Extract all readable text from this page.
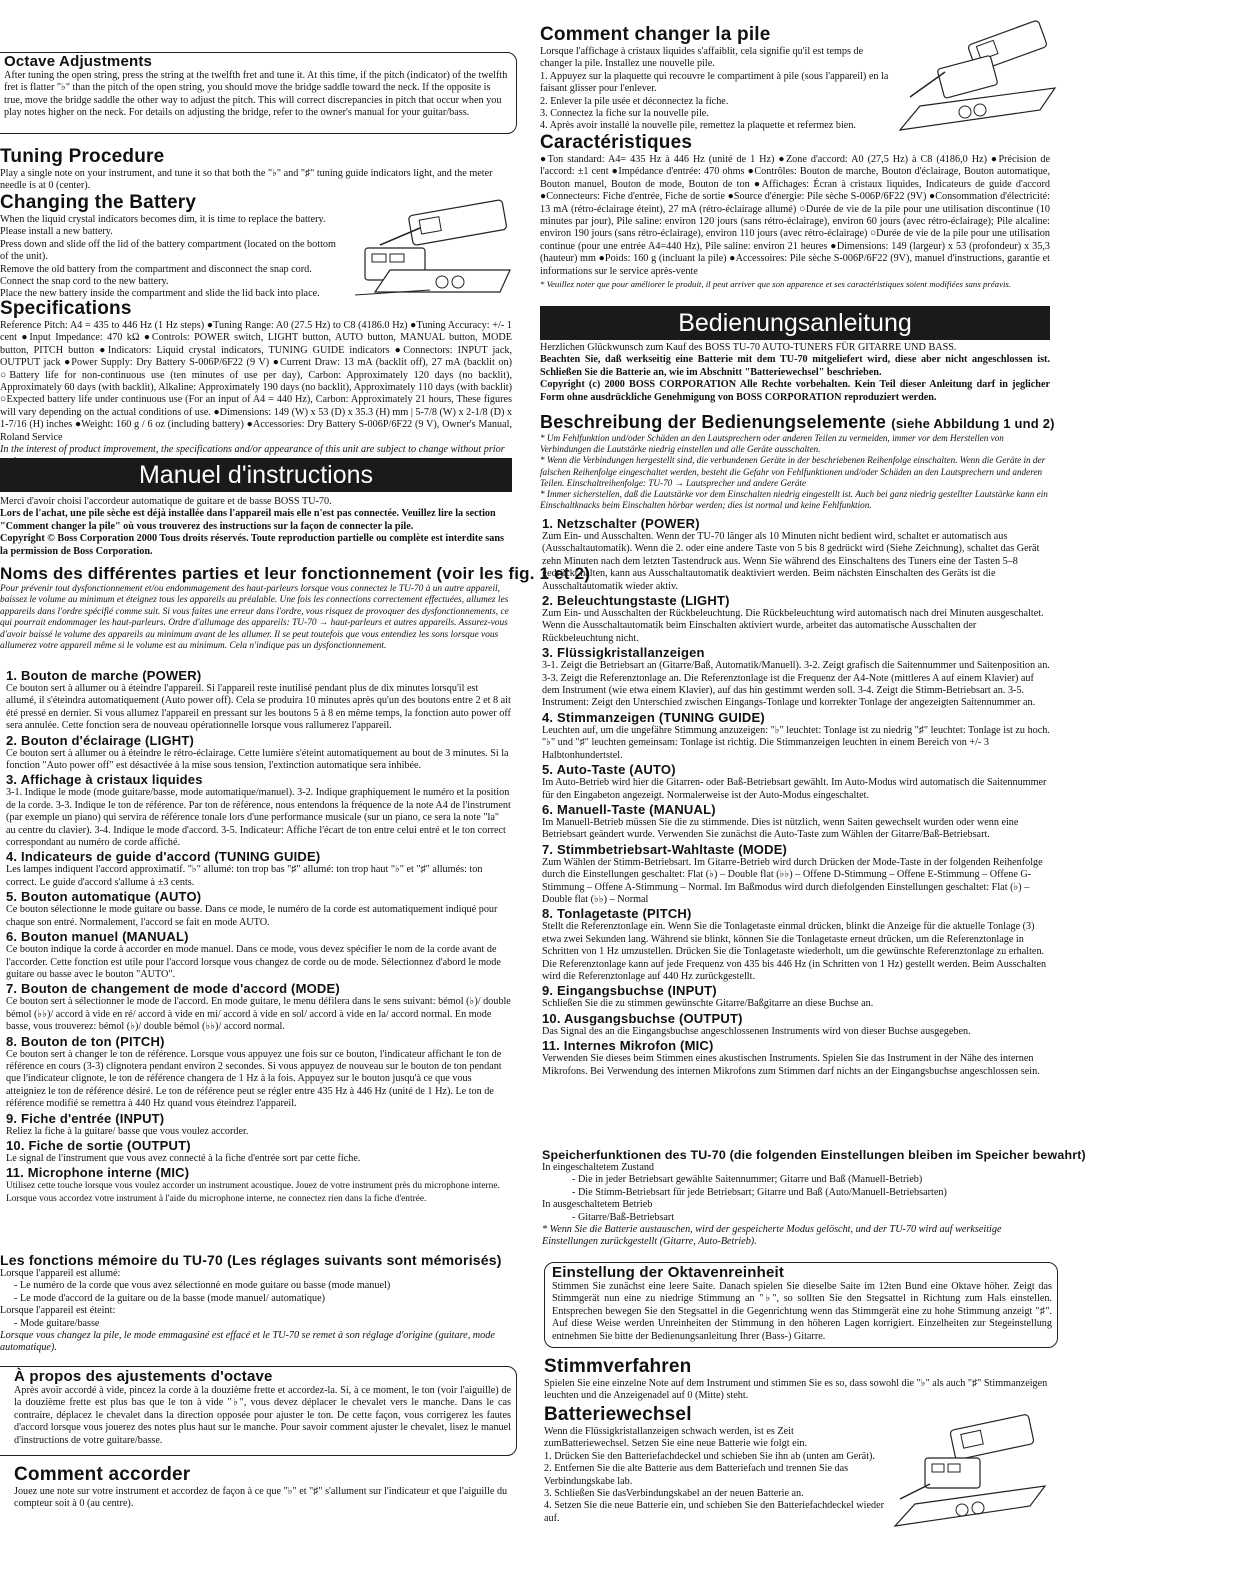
Octave Adjustments
After tuning the open string, press the string at the twelfth fret and tune it. At this time, if the pitch (indicator) of the twelfth fret is flatter "♭" than the pitch of the open string, you should move the bridge saddle toward the neck. If the opposite is true, move the bridge saddle the other way to adjust the pitch. This will correct discrepancies in pitch that occur when you play notes higher on the neck. For details on adjusting the bridge, refer to the owner's manual for your guitar/bass.
Tuning Procedure
Play a single note on your instrument, and tune it so that both the "♭" and "♯" tuning guide indicators light, and the meter needle is at 0 (center).
Changing the Battery
When the liquid crystal indicators becomes dim, it is time to replace the battery. Please install a new battery.
Press down and slide off the lid of the battery compartment (located on the bottom of the unit).
Remove the old battery from the compartment and disconnect the snap cord.
Connect the snap cord to the new battery.
Place the new battery inside the compartment and slide the lid back into place.
Specifications
Reference Pitch: A4 = 435 to 446 Hz (1 Hz steps) ●Tuning Range: A0 (27.5 Hz) to C8 (4186.0 Hz) ●Tuning Accuracy: +/- 1 cent ●Input Impedance: 470 kΩ ●Controls: POWER switch, LIGHT button, AUTO button, MANUAL button, MODE button, PITCH button ●Indicators: Liquid crystal indicators, TUNING GUIDE indicators ●Connectors: INPUT jack, OUTPUT jack ●Power Supply: Dry Battery S-006P/6F22 (9 V) ●Current Draw: 13 mA (backlit off), 27 mA (backlit on) ○Battery life for non-continuous use (ten minutes of use per day), Carbon: Approximately 120 days (no backlit), Approximately 60 days (with backlit), Alkaline: Approximately 190 days (no backlit), Approximately 110 days (with backlit) ○Expected battery life under continuous use (For an input of A4 = 440 Hz), Carbon: Approximately 21 hours, These figures will vary depending on the actual conditions of use. ●Dimensions: 149 (W) x 53 (D) x 35.3 (H) mm | 5-7/8 (W) x 2-1/8 (D) x 1-7/16 (H) inches ●Weight: 160 g / 6 oz (including battery) ●Accessories: Dry Battery S-006P/6F22 (9 V), Owner's Manual, Roland Service
In the interest of product improvement, the specifications and/or appearance of this unit are subject to change without prior
Manuel d'instructions
Merci d'avoir choisi l'accordeur automatique de guitare et de basse BOSS TU-70.
Lors de l'achat, une pile sèche est déjà installée dans l'appareil mais elle n'est pas connectée. Veuillez lire la section "Comment changer la pile" où vous trouverez des instructions sur la façon de connecter la pile.
Copyright © Boss Corporation 2000 Tous droits réservés. Toute reproduction partielle ou complète est interdite sans la permission de Boss Corporation.
Noms des différentes parties et leur fonctionnement (voir les fig. 1 et 2)
Pour prévenir tout dysfonctionnement et/ou endommagement des haut-parleurs lorsque vous connectez le TU-70 à un autre appareil, baissez le volume au minimum et éteignez tous les appareils au préalable. Une fois les connections correctement effectuées, allumez les appareils dans l'ordre spécifié comme suit. Si vous faites une erreur dans l'ordre, vous risquez de provoquer des dysfonctionnements, ce qui pourrait endommager les haut-parleurs. Ordre d'allumage des appareils: TU-70 → haut-parleurs et autres appareils. Assurez-vous d'avoir baissé le volume des appareils au minimum avant de les allumer. Il se peut toutefois que vous entendiez les sons lorsque vous allumerez votre appareil même si le volume est au minimum. Cela n'indique pas un dysfonctionnement.
1. Bouton de marche (POWER)
Ce bouton sert à allumer ou à éteindre l'appareil. Si l'appareil reste inutilisé pendant plus de dix minutes lorsqu'il est allumé, il s'éteindra automatiquement (Auto power off). Cela se produira 10 minutes après qu'un des boutons entre 2 et 8 ait été pressé en dernier. Si vous allumez l'appareil en pressant sur les boutons 5 à 8 en même temps, la fonction auto power off sera annulée. Cette fonction sera de nouveau opérationnelle lorsque vous rallumerez l'appareil.
2. Bouton d'éclairage (LIGHT)
Ce bouton sert à allumer ou à éteindre le rétro-éclairage. Cette lumière s'éteint automatiquement au bout de 3 minutes. Si la fonction "Auto power off" est désactivée à la mise sous tension, l'extinction automatique sera inhibée.
3. Affichage à cristaux liquides
3-1. Indique le mode (mode guitare/basse, mode automatique/manuel). 3-2. Indique graphiquement le numéro et la position de la corde. 3-3. Indique le ton de référence. Par ton de référence, nous entendons la fréquence de la note A4 de l'instrument (par exemple un piano) qui servira de référence tonale lors d'une performance musicale (sur un piano, ce sera la note "la" au centre du clavier). 3-4. Indique le mode d'accord. 3-5. Indicateur: Affiche l'écart de ton entre celui entré et le ton correct correspondant au numéro de corde affiché.
4. Indicateurs de guide d'accord (TUNING GUIDE)
Les lampes indiquent l'accord approximatif. "♭" allumé: ton trop bas "♯" allumé: ton trop haut "♭" et "♯" allumés: ton correct. Le guide d'accord s'allume à ±3 cents.
5. Bouton automatique (AUTO)
Ce bouton sélectionne le mode guitare ou basse. Dans ce mode, le numéro de la corde est automatiquement indiqué pour chaque son entré. Normalement, l'accord se fait en mode AUTO.
6. Bouton manuel (MANUAL)
Ce bouton indique la corde à accorder en mode manuel. Dans ce mode, vous devez spécifier le nom de la corde avant de l'accorder. Cette fonction est utile pour l'accord lorsque vous changez de corde ou de mode. Sélectionnez d'abord le mode guitare ou basse avec le bouton "AUTO".
7. Bouton de changement de mode d'accord (MODE)
Ce bouton sert à sélectionner le mode de l'accord. En mode guitare, le menu défilera dans le sens suivant: bémol (♭)/ double bémol (♭♭)/ accord à vide en ré/ accord à vide en mi/ accord à vide en sol/ accord à vide en la/ accord normal. En mode basse, vous trouverez: bémol (♭)/ double bémol (♭♭)/ accord normal.
8. Bouton de ton (PITCH)
Ce bouton sert à changer le ton de référence. Lorsque vous appuyez une fois sur ce bouton, l'indicateur affichant le ton de référence en cours (3-3) clignotera pendant environ 2 secondes. Si vous appuyez de nouveau sur le bouton de ton pendant que l'indicateur clignote, le ton de référence changera de 1 Hz à la fois. Appuyez sur le bouton jusqu'à ce que vous atteigniez le ton de référence désiré. Le ton de référence peut se régler entre 435 Hz à 446 Hz (unité de 1 Hz). Le ton de référence modifié se remettra à 440 Hz quand vous éteindrez l'appareil.
9. Fiche d'entrée (INPUT)
Reliez la fiche à la guitare/ basse que vous voulez accorder.
10. Fiche de sortie (OUTPUT)
Le signal de l'instrument que vous avez connecté à la fiche d'entrée sort par cette fiche.
11. Microphone interne (MIC)
Utilisez cette touche lorsque vous voulez accorder un instrument acoustique. Jouez de votre instrument près du microphone interne. Lorsque vous accordez votre instrument à l'aide du microphone interne, ne connectez rien dans la fiche d'entrée.
Les fonctions mémoire du TU-70 (Les réglages suivants sont mémorisés)
Lorsque l'appareil est allumé:
- Le numéro de la corde que vous avez sélectionné en mode guitare ou basse (mode manuel)
- Le mode d'accord de la guitare ou de la basse (mode manuel/ automatique)
Lorsque l'appareil est éteint:
- Mode guitare/basse
Lorsque vous changez la pile, le mode emmagasiné est effacé et le TU-70 se remet à son réglage d'origine (guitare, mode automatique).
À propos des ajustements d'octave
Après avoir accordé à vide, pincez la corde à la douzième frette et accordez-la. Si, à ce moment, le ton (voir l'aiguille) de la douzième frette est plus bas que le ton à vide "♭", vous devez déplacer le chevalet vers le manche. Dans le cas contraire, déplacez le chevalet dans la direction opposée pour ajuster le ton. De cette façon, vous corrigerez les fautes d'accord lorsque vous jouerez des notes plus haut sur le manche. Pour savoir comment ajuster le chevalet, lisez le manuel d'instructions de votre guitare/basse.
Comment accorder
Jouez une note sur votre instrument et accordez de façon à ce que "♭" et "♯" s'allument sur l'indicateur et que l'aiguille du compteur soit à 0 (au centre).
Comment changer la pile
Lorsque l'affichage à cristaux liquides s'affaiblit, cela signifie qu'il est temps de changer la pile. Installez une nouvelle pile.
1. Appuyez sur la plaquette qui recouvre le compartiment à pile (sous l'appareil) en la faisant glisser pour l'enlever.
2. Enlever la pile usée et déconnectez la fiche.
3. Connectez la fiche sur la nouvelle pile.
4. Après avoir installé la nouvelle pile, remettez la plaquette et refermez bien.
Caractéristiques
●Ton standard: A4= 435 Hz à 446 Hz (unité de 1 Hz) ●Zone d'accord: A0 (27,5 Hz) à C8 (4186,0 Hz) ●Précision de l'accord: ±1 cent ●Impédance d'entrée: 470 ohms ●Contrôles: Bouton de marche, Bouton d'éclairage, Bouton automatique, Bouton manuel, Bouton de mode, Bouton de ton ●Affichages: Écran à cristaux liquides, Indicateurs de guide d'accord ●Connecteurs: Fiche d'entrée, Fiche de sortie ●Source d'énergie: Pile sèche S-006P/6F22 (9V) ●Consommation d'électricité: 13 mA (rétro-éclairage éteint), 27 mA (rétro-éclairage allumé) ○Durée de vie de la pile pour une utilisation discontinue (10 minutes par jour), Pile saline: environ 120 jours (sans rétro-éclairage), environ 60 jours (avec rétro-éclairage); Pile alcaline: environ 190 jours (sans rétro-éclairage), environ 110 jours (avec rétro-éclairage) ○Durée de vie de la pile pour une utilisation continue (pour une entrée A4=440 Hz), Pile saline: environ 21 heures ●Dimensions: 149 (largeur) x 53 (profondeur) x 35,3 (hauteur) mm ●Poids: 160 g (incluant la pile) ●Accessoires: Pile sèche S-006P/6F22 (9V), manuel d'instructions, garantie et informations sur le service après-vente
* Veuillez noter que pour améliorer le produit, il peut arriver que son apparence et ses caractéristiques soient modifiées sans préavis.
Bedienungsanleitung
Herzlichen Glückwunsch zum Kauf des BOSS TU-70 AUTO-TUNERS FÜR GITARRE UND BASS.
Beachten Sie, daß werkseitig eine Batterie mit dem TU-70 mitgeliefert wird, diese aber nicht angeschlossen ist. Schließen Sie die Batterie an, wie im Abschnitt "Batteriewechsel" beschrieben.
Copyright (c) 2000 BOSS CORPORATION Alle Rechte vorbehalten. Kein Teil dieser Anleitung darf in jeglicher Form ohne ausdrückliche Genehmigung von BOSS CORPORATION reproduziert werden.
Beschreibung der Bedienungselemente (siehe Abbildung 1 und 2)
* Um Fehlfunktion und/oder Schäden an den Lautsprechern oder anderen Teilen zu vermeiden, immer vor dem Herstellen von Verbindungen die Lautstärke niedrig einstellen und alle Geräte ausschalten.
* Wenn die Verbindungen hergestellt sind, die verbundenen Geräte in der beschriebenen Reihenfolge einschalten. Wenn die Geräte in der falschen Reihenfolge eingeschaltet werden, besteht die Gefahr von Fehlfunktionen und/oder Schäden an den Lautsprechern und anderen Teilen. Einschaltreihenfolge: TU-70 → Lautsprecher und andere Geräte
* Immer sicherstellen, daß die Lautstärke vor dem Einschalten niedrig eingestellt ist. Auch bei ganz niedrig gestellter Lautstärke kann ein Einschaltknacks beim Einschalten hörbar werden; dies ist normal und keine Fehlfunktion.
1. Netzschalter (POWER)
Zum Ein- und Ausschalten. Wenn der TU-70 länger als 10 Minuten nicht bedient wird, schaltet er automatisch aus (Ausschaltautomatik). Wenn die 2. oder eine andere Taste von 5 bis 8 gedrückt wird (Siehe Zeichnung), schaltet das Gerät zehn Minuten nach dem letzten Tastendruck aus. Wenn Sie während des Einschaltens des Tuners eine der Tasten 5–8 gedrückt halten, kann aus Ausschaltautomatik deaktiviert werden. Beim nächsten Einschalten des Geräts ist die Ausschaltautomatik wieder aktiv.
2. Beleuchtungstaste (LIGHT)
Zum Ein- und Ausschalten der Rückbeleuchtung. Die Rückbeleuchtung wird automatisch nach drei Minuten ausgeschaltet. Wenn die Ausschaltautomatik beim Einschalten aktiviert wurde, arbeitet das automatische Ausschalten der Rückbeleuchtung nicht.
3. Flüssigkristallanzeigen
3-1. Zeigt die Betriebsart an (Gitarre/Baß, Automatik/Manuell). 3-2. Zeigt grafisch die Saitennummer und Saitenposition an. 3-3. Zeigt die Referenztonlage an. Die Referenztonlage ist die Frequenz der A4-Note (mittleres A auf einem Klavier) auf dem Instrument (wie etwa einem Klavier), auf das hin gestimmt werden soll. 3-4. Zeigt die Stimm-Betriebsart an. 3-5. Instrument: Zeigt den Unterschied zwischen Eingangs-Tonlage und korrekter Tonlage der angezeigten Saitennummer an.
4. Stimmanzeigen (TUNING GUIDE)
Leuchten auf, um die ungefähre Stimmung anzuzeigen: "♭" leuchtet: Tonlage ist zu niedrig "♯" leuchtet: Tonlage ist zu hoch. "♭" und "♯" leuchten gemeinsam: Tonlage ist richtig. Die Stimmanzeigen leuchten in einem Bereich von +/- 3 Halbtonhundertstel.
5. Auto-Taste (AUTO)
Im Auto-Betrieb wird hier die Gitarren- oder Baß-Betriebsart gewählt. Im Auto-Modus wird automatisch die Saitennummer für den Eingabeton angezeigt. Normalerweise ist der Auto-Modus eingeschaltet.
6. Manuell-Taste (MANUAL)
Im Manuell-Betrieb müssen Sie die zu stimmende. Dies ist nützlich, wenn Saiten gewechselt wurden oder wenn eine Betriebsart geändert wurde. Verwenden Sie zunächst die Auto-Taste zum Wählen der Gitarre/Baß-Betriebsart.
7. Stimmbetriebsart-Wahltaste (MODE)
Zum Wählen der Stimm-Betriebsart. Im Gitarre-Betrieb wird durch Drücken der Mode-Taste in der folgenden Reihenfolge durch die Einstellungen geschaltet: Flat (♭) – Double flat (♭♭) – Offene D-Stimmung – Offene E-Stimmung – Offene G-Stimmung – Offene A-Stimmung – Normal. Im Baßmodus wird durch diefolgenden Einstellungen geschaltet: Flat (♭) – Double flat (♭♭) – Normal
8. Tonlagetaste (PITCH)
Stellt die Referenztonlage ein. Wenn Sie die Tonlagetaste einmal drücken, blinkt die Anzeige für die aktuelle Tonlage (3) etwa zwei Sekunden lang. Während sie blinkt, können Sie die Tonlagetaste erneut drücken, um die Referenztonlage in Schritten von 1 Hz umzustellen. Drücken Sie die Tonlagetaste wiederholt, um die gewünschte Referenztonlage zu erhalten. Die Referenztonlage kann auf jede Frequenz von 435 bis 446 Hz (in Schritten von 1 Hz) gestellt werden. Beim Ausschalten wird die Referenztonlage auf 440 Hz zurückgestellt.
9. Eingangsbuchse (INPUT)
Schließen Sie die zu stimmen gewünschte Gitarre/Baßgitarre an diese Buchse an.
10. Ausgangsbuchse (OUTPUT)
Das Signal des an die Eingangsbuchse angeschlossenen Instruments wird von dieser Buchse ausgegeben.
11. Internes Mikrofon (MIC)
Verwenden Sie dieses beim Stimmen eines akustischen Instruments. Spielen Sie das Instrument in der Nähe des internen Mikrofons. Bei Verwendung des internen Mikrofons zum Stimmen darf nichts an der Eingangsbuchse angeschlossen sein.
Speicherfunktionen des TU-70 (die folgenden Einstellungen bleiben im Speicher bewahrt)
In eingeschaltetem Zustand
- Die in jeder Betriebsart gewählte Saitennummer; Gitarre und Baß (Manuell-Betrieb)
- Die Stimm-Betriebsart für jede Betriebsart; Gitarre und Baß (Auto/Manuell-Betriebsarten)
In ausgeschaltetem Betrieb
- Gitarre/Baß-Betriebsart
* Wenn Sie die Batterie austauschen, wird der gespeicherte Modus gelöscht, und der TU-70 wird auf werkseitige Einstellungen zurückgestellt (Gitarre, Auto-Betrieb).
Einstellung der Oktavenreinheit
Stimmen Sie zunächst eine leere Saite. Danach spielen Sie dieselbe Saite im 12ten Bund eine Oktave höher. Zeigt das Stimmgerät nun eine zu niedrige Stimmung an "♭", so sollten Sie den Stegsattel in Richtung zum Hals einstellen. Entsprechen bewegen Sie den Stegsattel in die Gegenrichtung wenn das Stimmgerät eine zu hohe Stimmung anzeigt "♯". Auf diese Weise werden Unreinheiten der Stimmung in den höheren Lagen korrigiert. Einzelheiten zur Stegeinstellung entnehmen Sie bitte der Bedienungsanleitung Ihrer (Bass-) Gitarre.
Stimmverfahren
Spielen Sie eine einzelne Note auf dem Instrument und stimmen Sie es so, dass sowohl die "♭" als auch "♯" Stimmanzeigen leuchten und die Anzeigenadel auf 0 (Mitte) steht.
Batteriewechsel
Wenn die Flüssigkristallanzeigen schwach werden, ist es Zeit zumBatteriewechsel. Setzen Sie eine neue Batterie wie folgt ein.
1. Drücken Sie den Batteriefachdeckel und schieben Sie ihn ab (unten am Gerät).
2. Entfernen Sie die alte Batterie aus dem Batteriefach und trennen Sie das Verbindungskabe lab.
3. Schließen Sie dasVerbindungskabel an der neuen Batterie an.
4. Setzen Sie die neue Batterie ein, und schieben Sie den Batteriefachdeckel wieder auf.
